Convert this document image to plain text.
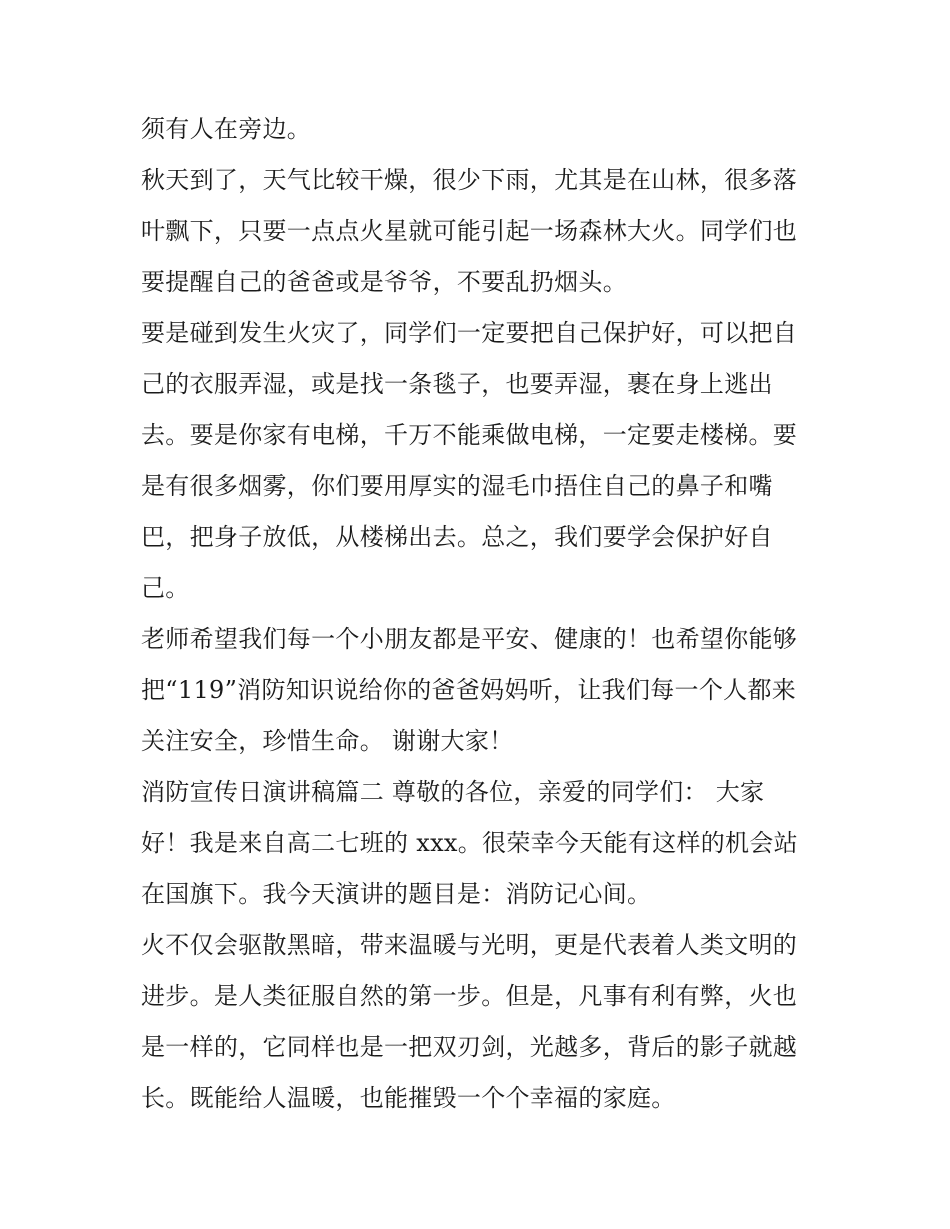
须有人在旁边。
秋天到了，天气比较干燥，很少下雨，尤其是在山林，很多落
叶飘下，只要一点点火星就可能引起一场森林大火。同学们也
要提醒自己的爸爸或是爷爷，不要乱扔烟头。
要是碰到发生火灾了，同学们一定要把自己保护好，可以把自
己的衣服弄湿，或是找一条毯子，也要弄湿，裹在身上逃出
去。要是你家有电梯，千万不能乘做电梯，一定要走楼梯。要
是有很多烟雾，你们要用厚实的湿毛巾捂住自己的鼻子和嘴
巴，把身子放低，从楼梯出去。总之，我们要学会保护好自
己。
老师希望我们每一个小朋友都是平安、健康的！也希望你能够
把“119”消防知识说给你的爸爸妈妈听，让我们每一个人都来
关注安全，珍惜生命。 谢谢大家！
消防宣传日演讲稿篇二 尊敬的各位，亲爱的同学们： 大家
好！我是来自高二七班的 xxx。很荣幸今天能有这样的机会站
在国旗下。我今天演讲的题目是：消防记心间。
火不仅会驱散黑暗，带来温暖与光明，更是代表着人类文明的
进步。是人类征服自然的第一步。但是，凡事有利有弊，火也
是一样的，它同样也是一把双刃剑，光越多，背后的影子就越
长。既能给人温暖，也能摧毁一个个幸福的家庭。
